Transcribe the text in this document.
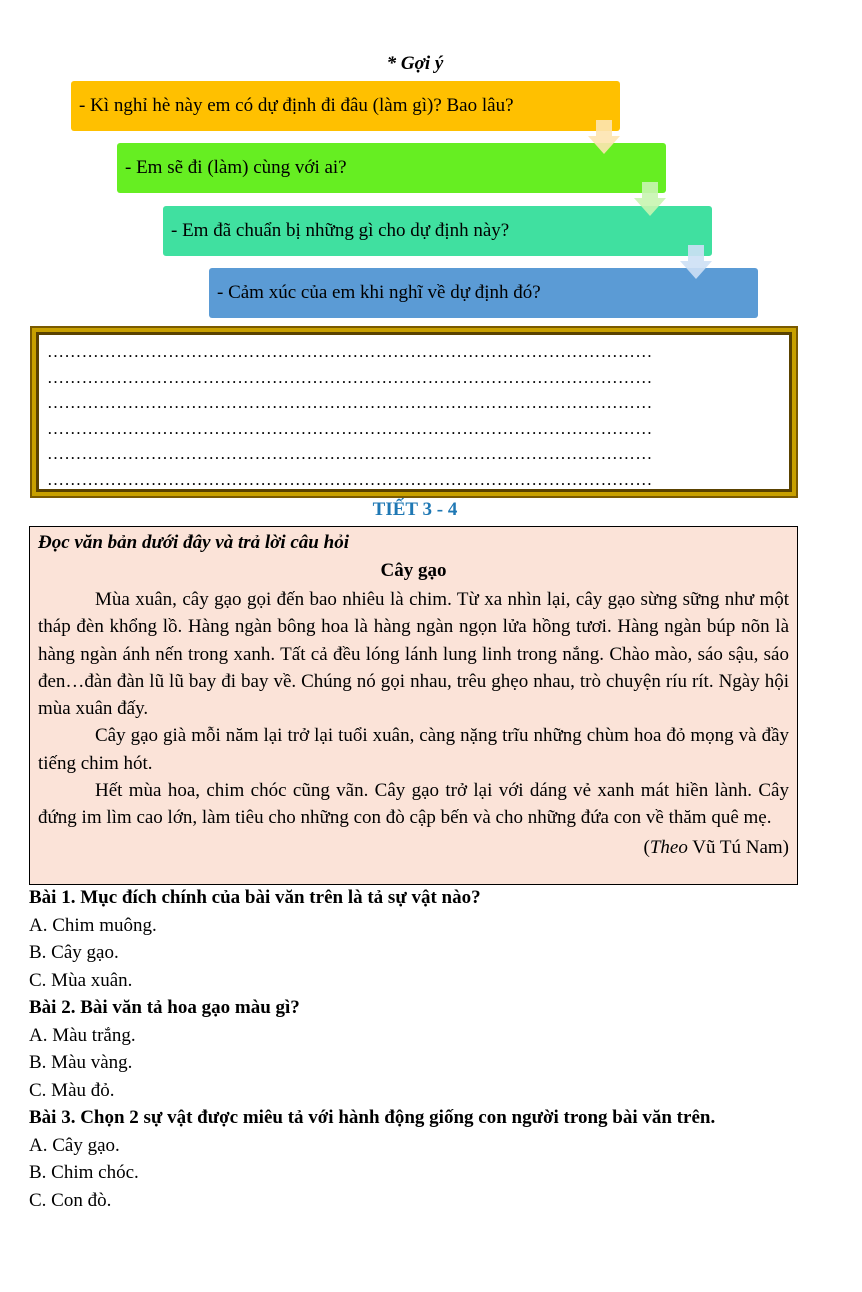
* Gợi ý
- Kì nghỉ hè này em có dự định đi đâu (làm gì)? Bao lâu?
- Em sẽ đi (làm) cùng với ai?
- Em đã chuẩn bị những gì cho dự định này?
- Cảm xúc của em khi nghĩ về dự định đó?
……………………………………………………………………………………………
……………………………………………………………………………………………
……………………………………………………………………………………………
……………………………………………………………………………………………
……………………………………………………………………………………………
……………………………………………………………………………………………
TIẾT 3 - 4
Đọc văn bản dưới đây và trả lời câu hỏi
Cây gạo

Mùa xuân, cây gạo gọi đến bao nhiêu là chim. Từ xa nhìn lại, cây gạo sừng sững như một tháp đèn khổng lồ. Hàng ngàn bông hoa là hàng ngàn ngọn lửa hồng tươi. Hàng ngàn búp nõn là hàng ngàn ánh nến trong xanh. Tất cả đều lóng lánh lung linh trong nắng. Chào mào, sáo sậu, sáo đen…đàn đàn lũ lũ bay đi bay về. Chúng nó gọi nhau, trêu ghẹo nhau, trò chuyện ríu rít. Ngày hội mùa xuân đấy.

Cây gạo già mỗi năm lại trở lại tuổi xuân, càng nặng trĩu những chùm hoa đỏ mọng và đầy tiếng chim hót.

Hết mùa hoa, chim chóc cũng vãn. Cây gạo trở lại với dáng vẻ xanh mát hiền lành. Cây đứng im lìm cao lớn, làm tiêu cho những con đò cập bến và cho những đứa con về thăm quê mẹ.

(Theo Vũ Tú Nam)
Bài 1. Mục đích chính của bài văn trên là tả sự vật nào?
A. Chim muông.
B. Cây gạo.
C. Mùa xuân.
Bài 2. Bài văn tả hoa gạo màu gì?
A. Màu trắng.
B. Màu vàng.
C. Màu đỏ.
Bài 3. Chọn 2 sự vật được miêu tả với hành động giống con người trong bài văn trên.
A. Cây gạo.
B. Chim chóc.
C. Con đò.
